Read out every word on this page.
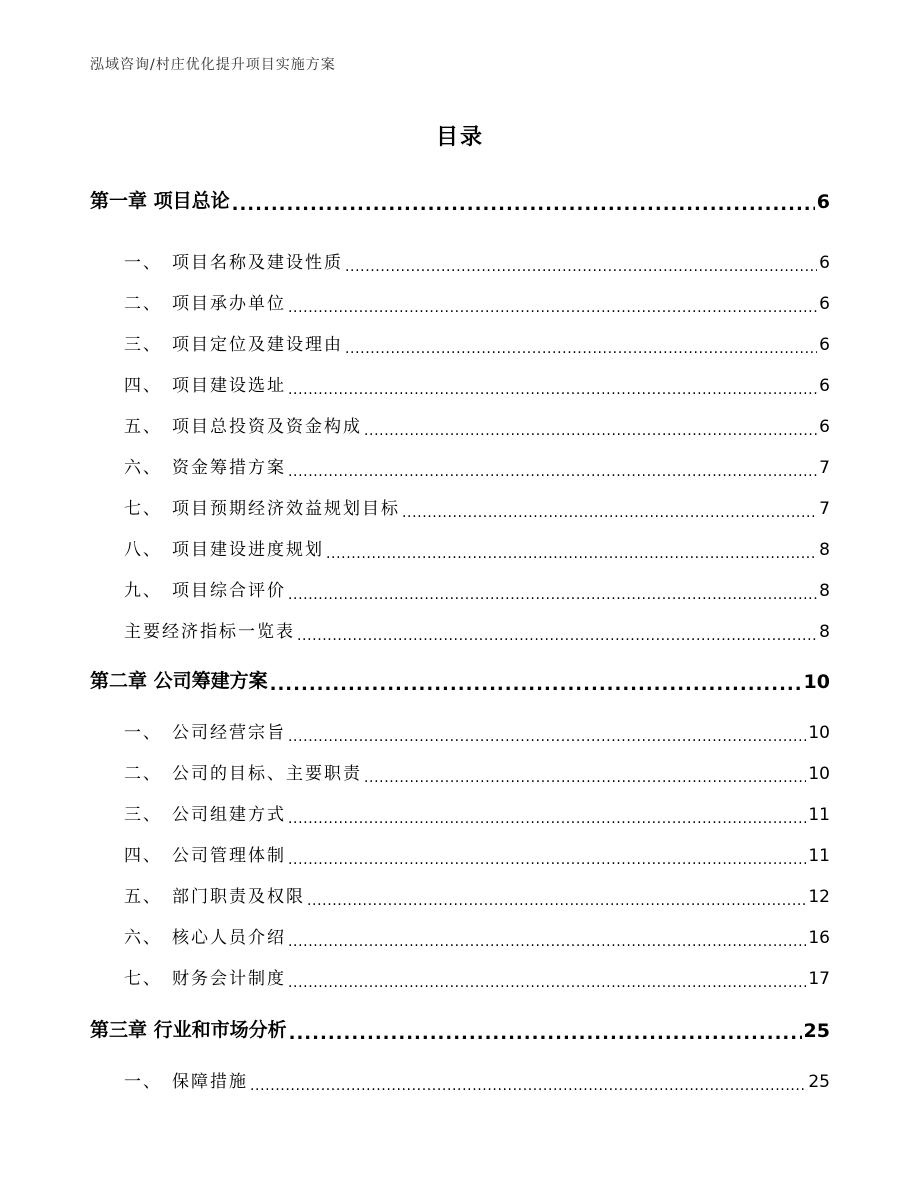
泓域咨询/村庄优化提升项目实施方案
目录
第一章 项目总论 .....	6
一、 项目名称及建设性质 .....	6
二、 项目承办单位 .....	6
三、 项目定位及建设理由 .....	6
四、 项目建设选址 .....	6
五、 项目总投资及资金构成 .....	6
六、 资金筹措方案 .....	7
七、 项目预期经济效益规划目标 .....	7
八、 项目建设进度规划 .....	8
九、 项目综合评价 .....	8
主要经济指标一览表 .....	8
第二章 公司筹建方案 .....	10
一、 公司经营宗旨 .....	10
二、 公司的目标、主要职责 .....	10
三、 公司组建方式 .....	11
四、 公司管理体制 .....	11
五、 部门职责及权限 .....	12
六、 核心人员介绍 .....	16
七、 财务会计制度 .....	17
第三章 行业和市场分析 .....	25
一、 保障措施 .....	25
